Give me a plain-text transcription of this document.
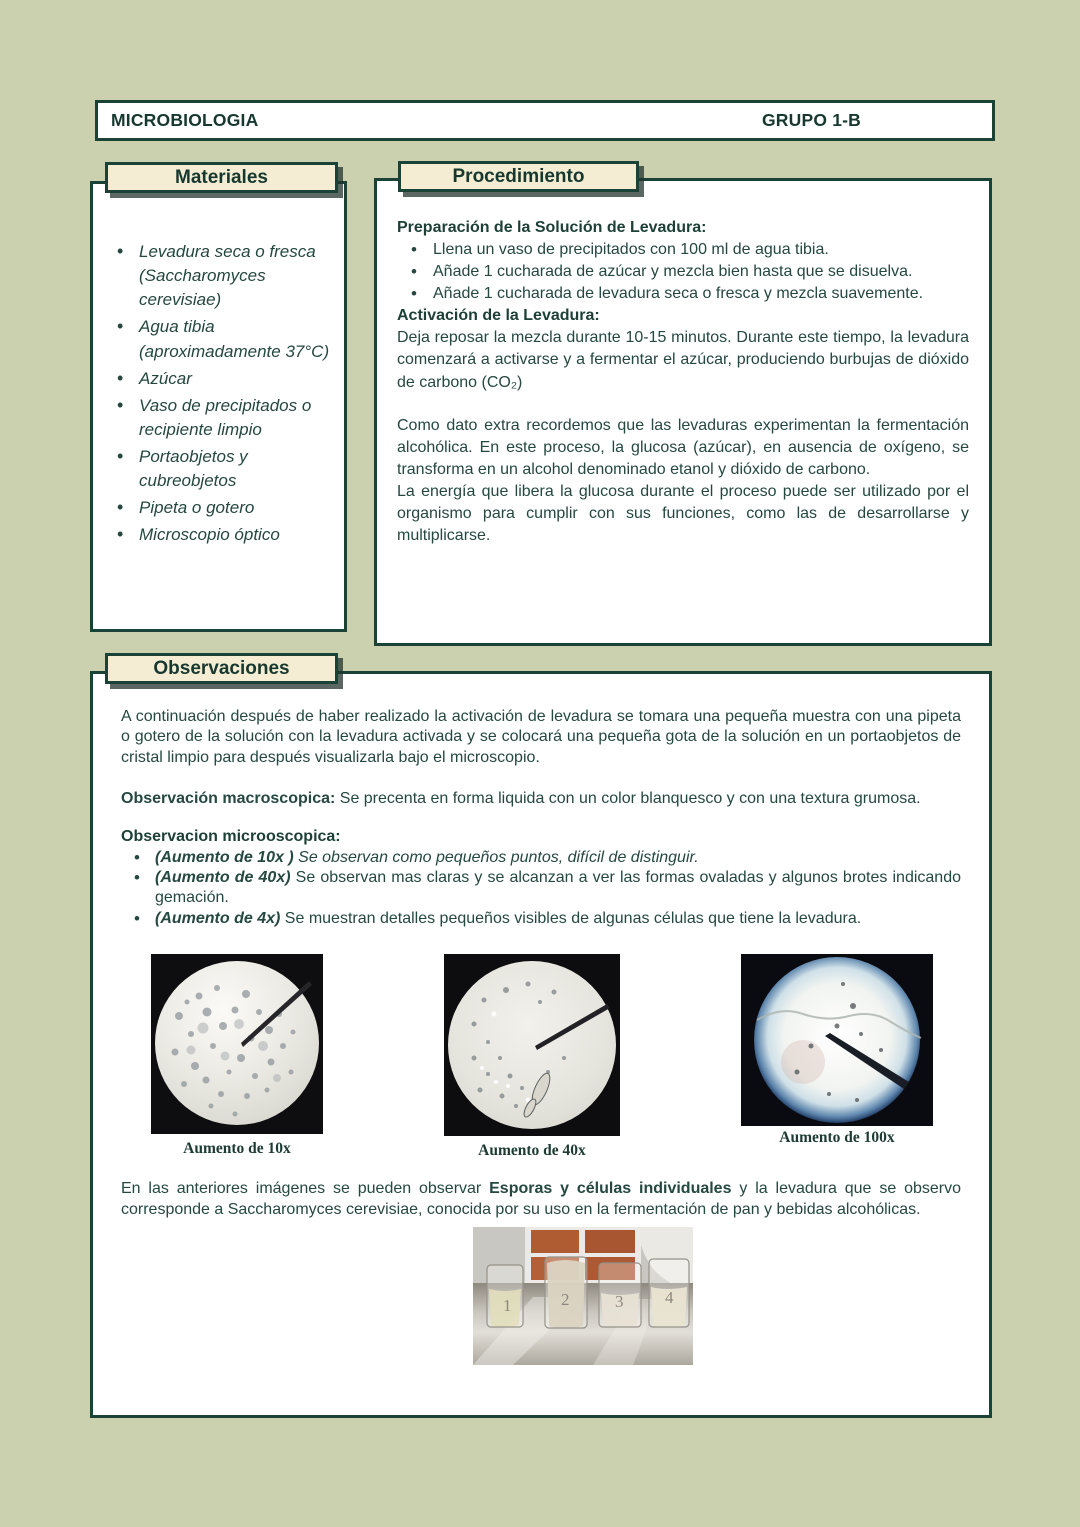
MICROBIOLOGIA	GRUPO 1-B
Materiales
• Levadura seca o fresca (Saccharomyces cerevisiae)
• Agua tibia (aproximadamente 37°C)
• Azúcar
• Vaso de precipitados o recipiente limpio
• Portaobjetos y cubreobjetos
• Pipeta o gotero
• Microscopio óptico
Procedimiento

Preparación de la Solución de Levadura:

• Llena un vaso de precipitados con 100 ml de agua tibia.
• Añade 1 cucharada de azúcar y mezcla bien hasta que se disuelva.
• Añade 1 cucharada de levadura seca o fresca y mezcla suavemente.

Activación de la Levadura:

Deja reposar la mezcla durante 10-15 minutos. Durante este tiempo, la levadura comenzará a activarse y a fermentar el azúcar, produciendo burbujas de dióxido de carbono (CO₂)

Como dato extra recordemos que las levaduras experimentan la fermentación alcohólica. En este proceso, la glucosa (azúcar), en ausencia de oxígeno, se transforma en un alcohol denominado etanol y dióxido de carbono.

La energía que libera la glucosa durante el proceso puede ser utilizado por el organismo para cumplir con sus funciones, como las de desarrollarse y multiplicarse.

Observaciones

A continuación después de haber realizado la activación de levadura se tomara una pequeña muestra con una pipeta o gotero de la solución con la levadura activada y se colocará una pequeña gota de la solución en un portaobjetos de cristal limpio para después visualizarla bajo el microscopio.

Observación macroscopica: Se precenta en forma liquida con un color blanquesco y con una textura grumosa.

Observacion microoscopica:

• (Aumento de 10x ) Se observan como pequeños puntos, difícil de distinguir.
• (Aumento de 40x) Se observan mas claras y se alcanzan a ver las formas ovaladas y algunos brotes indicando gemación.
• (Aumento de 4x) Se muestran detalles pequeños visibles de algunas células que tiene la levadura.
Aumento de 10x	Aumento de 40x
Aumento de 100x

En las anteriores imágenes se pueden observar Esporas y células individuales y la levadura que se observo corresponde a Saccharomyces cerevisiae, conocida por su uso en la fermentación de pan y bebidas alcohólicas.

1	2	3 4
